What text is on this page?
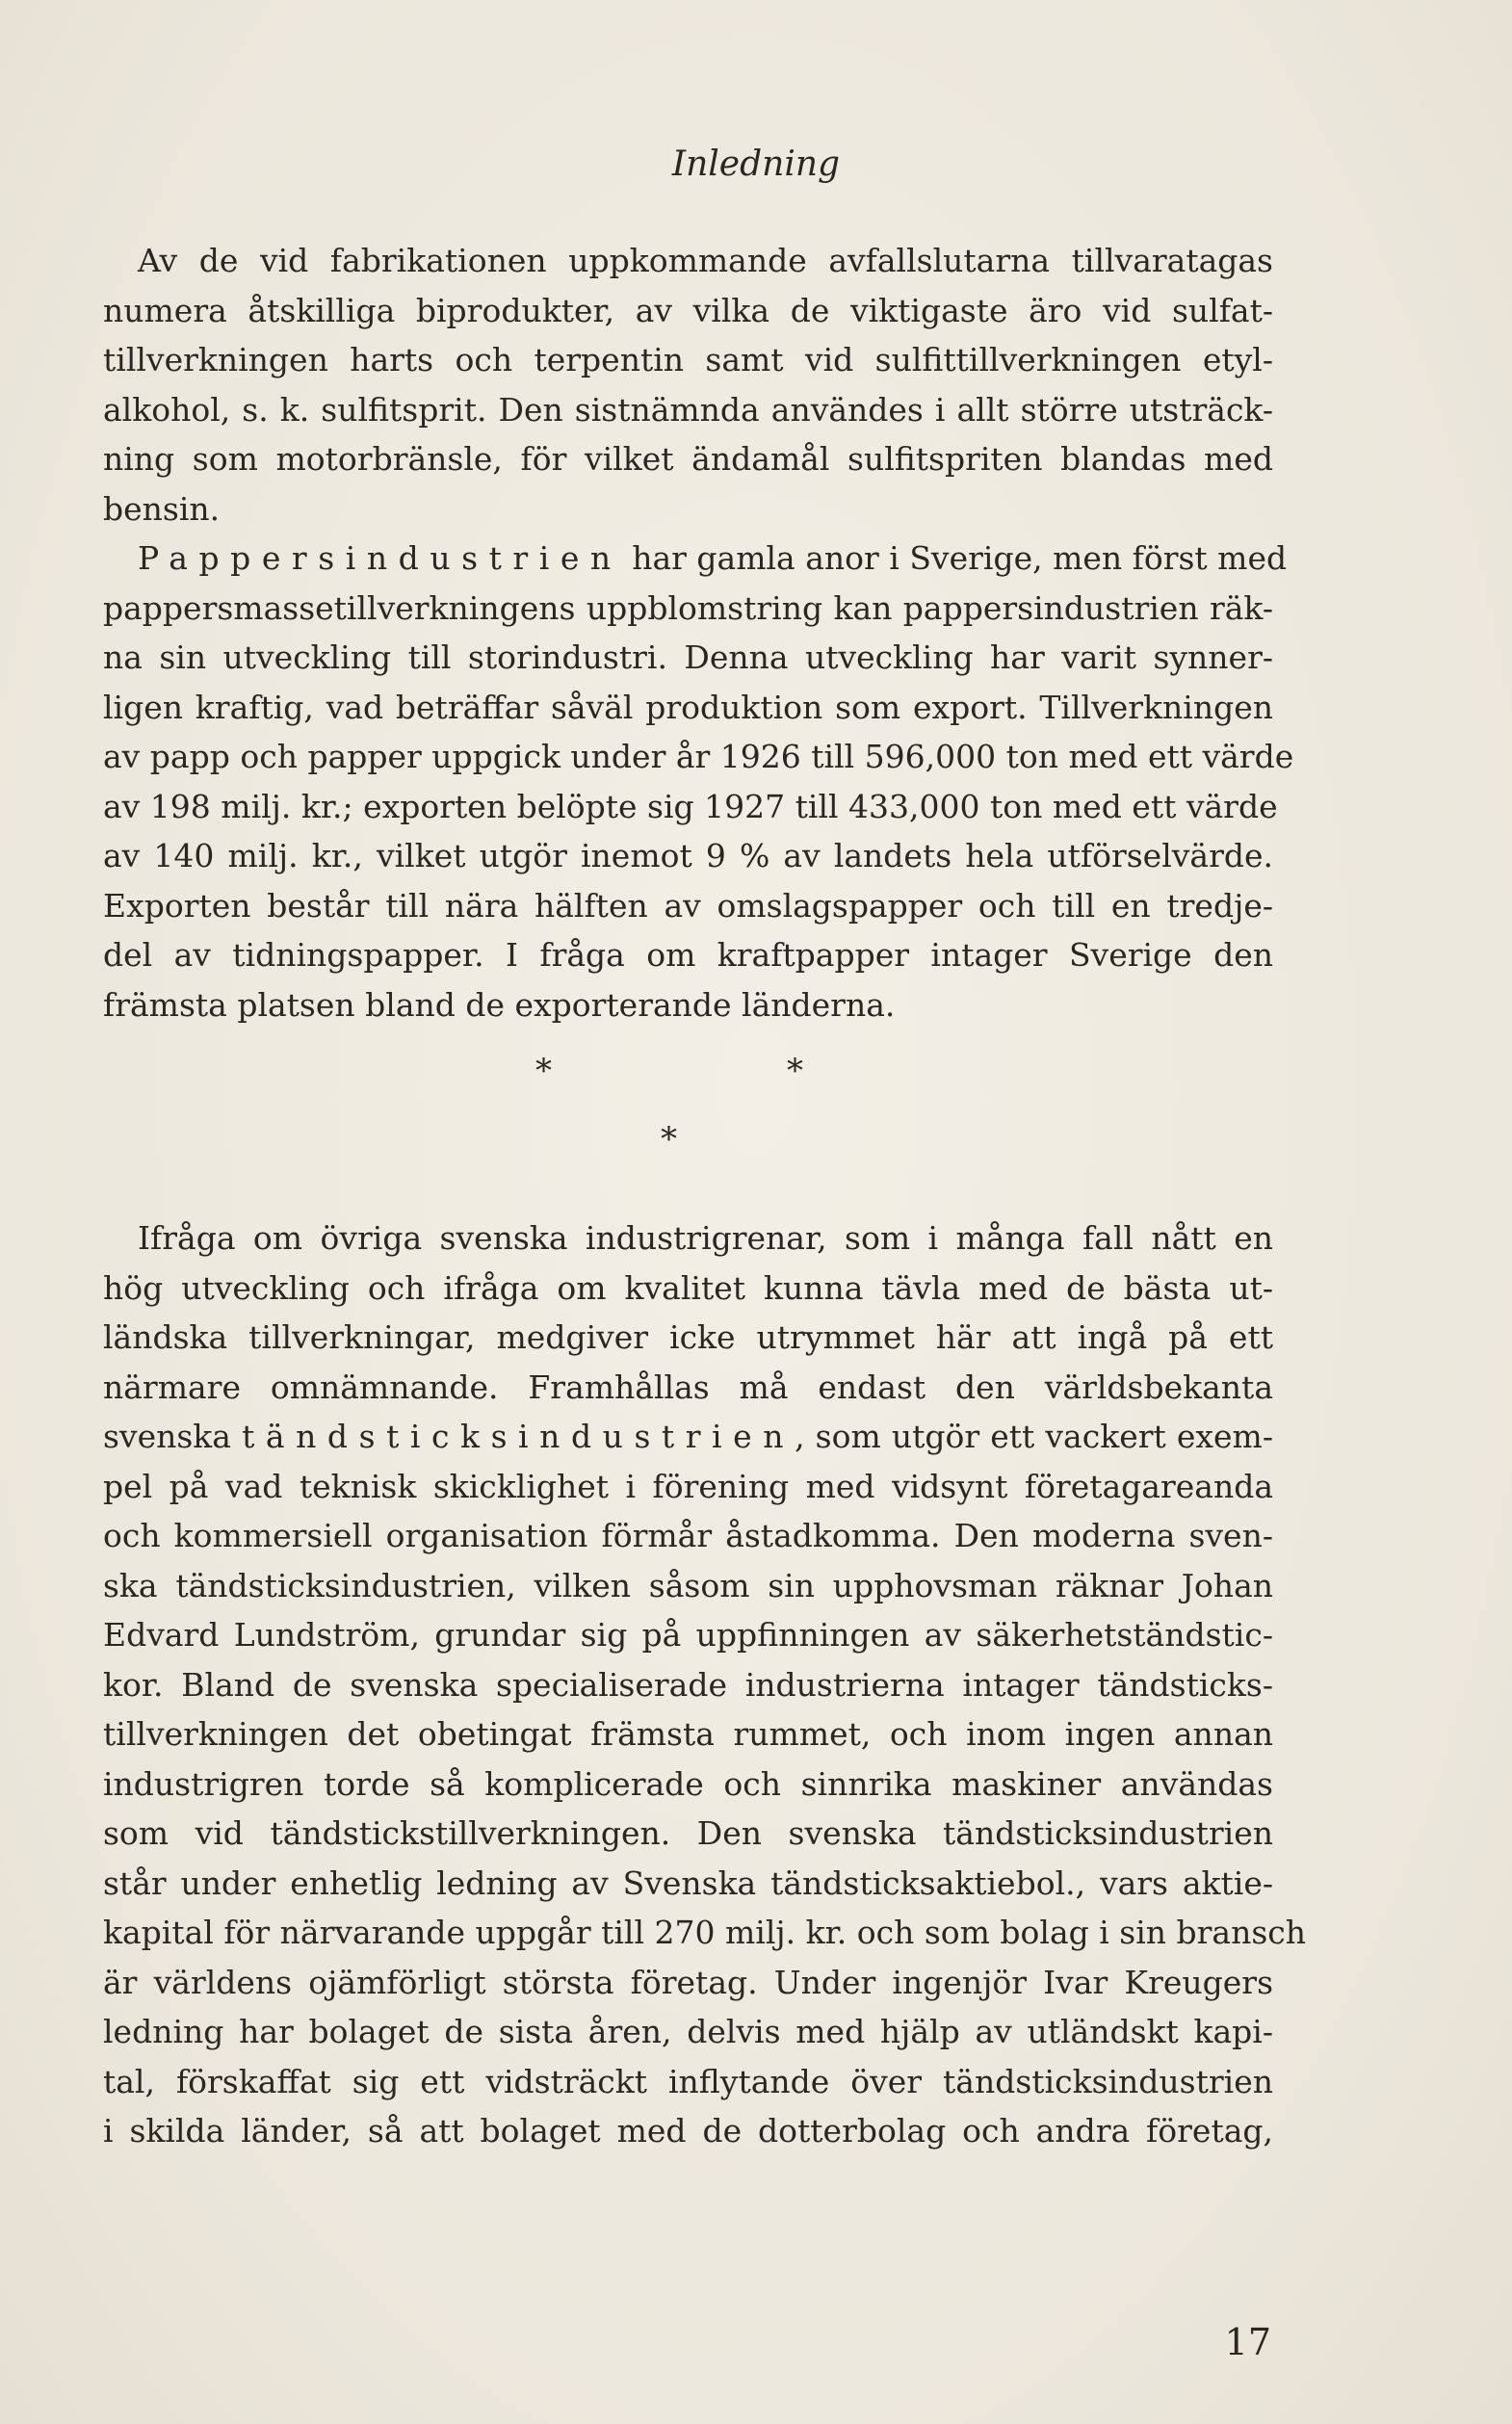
Inledning
Av de vid fabrikationen uppkommande avfallslutarna tillvaratagas
numera åtskilliga biprodukter, av vilka de viktigaste äro vid sulfat-
tillverkningen harts och terpentin samt vid sulfittillverkningen etyl-
alkohol, s. k. sulfitsprit. Den sistnämnda användes i allt större utsträck-
ning som motorbränsle, för vilket ändamål sulfitspriten blandas med
bensin.
Pappersindustrien har gamla anor i Sverige, men först med
pappersmassetillverkningens uppblomstring kan pappersindustrien räk-
na sin utveckling till storindustri. Denna utveckling har varit synner-
ligen kraftig, vad beträffar såväl produktion som export. Tillverkningen
av papp och papper uppgick under år 1926 till 596,000 ton med ett värde
av 198 milj. kr.; exporten belöpte sig 1927 till 433,000 ton med ett värde
av 140 milj. kr., vilket utgör inemot 9 % av landets hela utförselvärde.
Exporten består till nära hälften av omslagspapper och till en tredje-
del av tidningspapper. I fråga om kraftpapper intager Sverige den
främsta platsen bland de exporterande länderna.
*	*
*
Ifråga om övriga svenska industrigrenar, som i många fall nått en
hög utveckling och ifråga om kvalitet kunna tävla med de bästa ut-
ländska tillverkningar, medgiver icke utrymmet här att ingå på ett
närmare omnämnande. Framhållas må endast den världsbekanta
svenska tändsticksindustrien, som utgör ett vackert exem-
pel på vad teknisk skicklighet i förening med vidsynt företagareanda
och kommersiell organisation förmår åstadkomma. Den moderna sven-
ska tändsticksindustrien, vilken såsom sin upphovsman räknar Johan
Edvard Lundström, grundar sig på uppfinningen av säkerhetständstic-
kor. Bland de svenska specialiserade industrierna intager tändsticks-
tillverkningen det obetingat främsta rummet, och inom ingen annan
industrigren torde så komplicerade och sinnrika maskiner användas
som vid tändstickstillverkningen. Den svenska tändsticksindustrien
står under enhetlig ledning av Svenska tändsticksaktiebol., vars aktie-
kapital för närvarande uppgår till 270 milj. kr. och som bolag i sin bransch
är världens ojämförligt största företag. Under ingenjör Ivar Kreugers
ledning har bolaget de sista åren, delvis med hjälp av utländskt kapi-
tal, förskaffat sig ett vidsträckt inflytande över tändsticksindustrien
i skilda länder, så att bolaget med de dotterbolag och andra företag,
17
